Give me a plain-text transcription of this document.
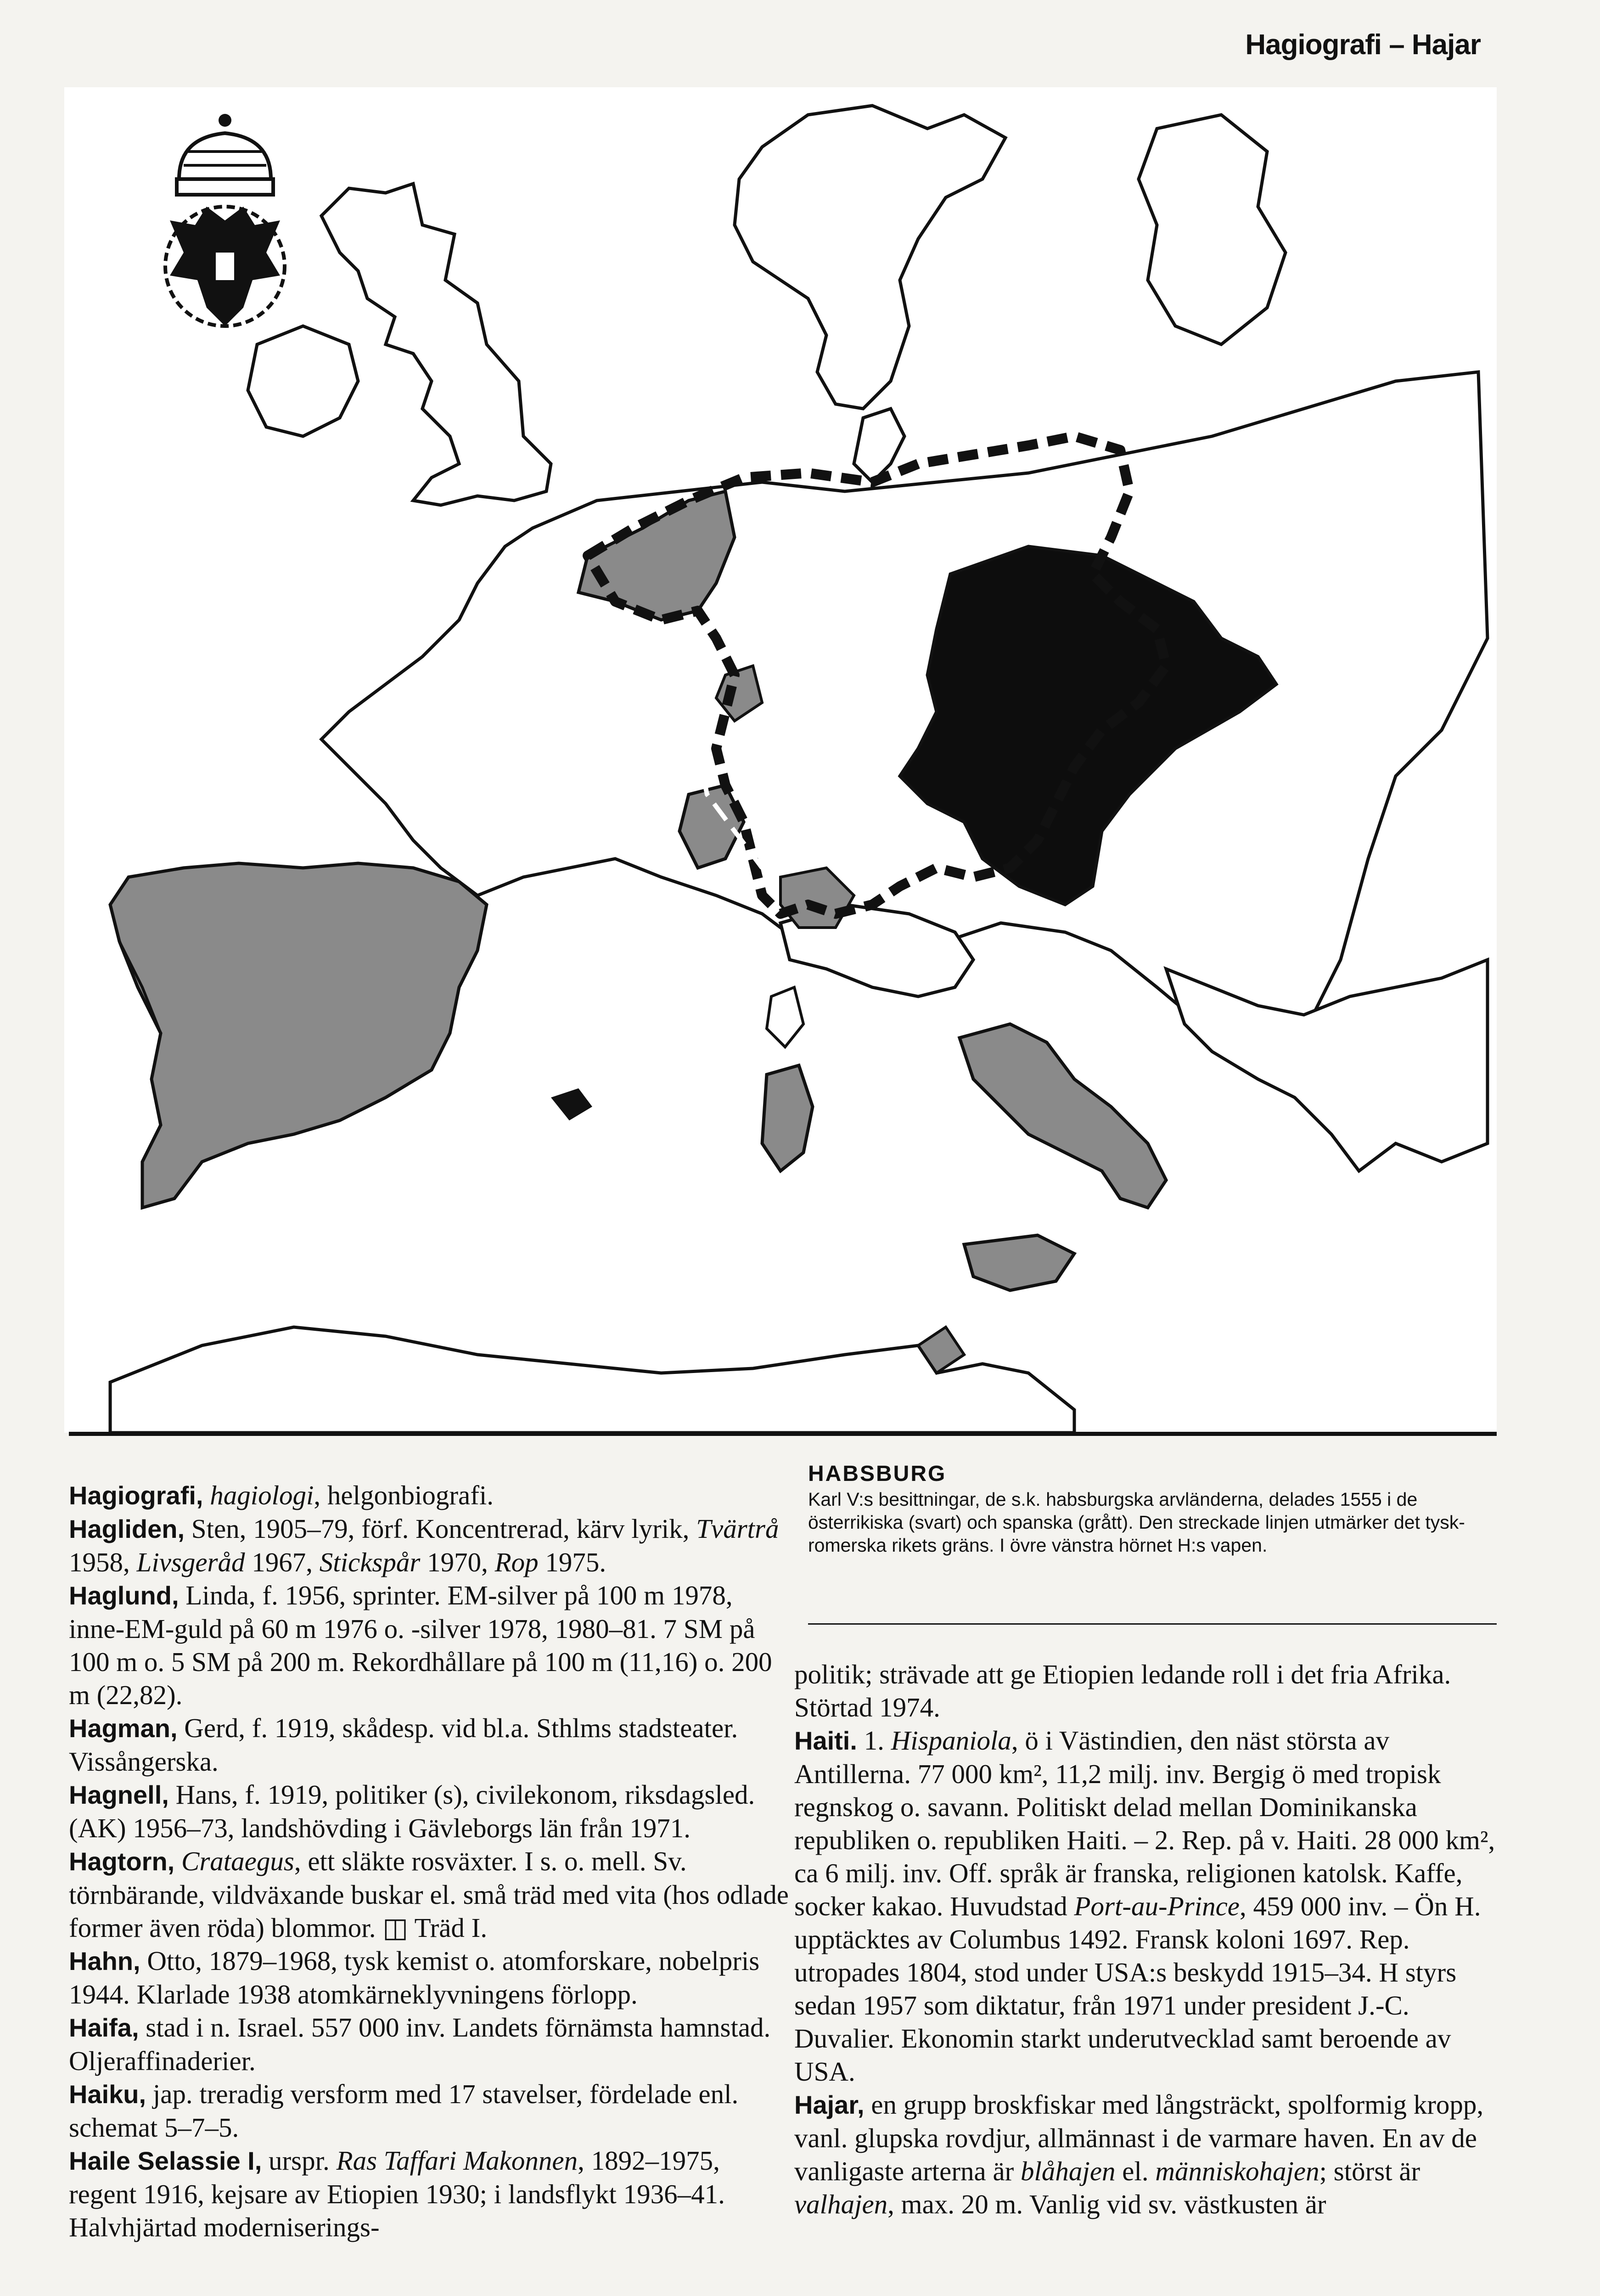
Hagiografi – Hajar
HABSBURG
Karl V:s besittningar, de s.k. habsburgska arvländerna, delades 1555 i de österrikiska (svart) och spanska (grått). Den streckade linjen utmärker det tysk-romerska rikets gräns. I övre vänstra hörnet H:s vapen.

Hagiografi, hagiologi, helgonbiografi.

Hagliden, Sten, 1905–79, förf. Koncentrerad, kärv lyrik, Tvärtrå 1958, Livsgeråd 1967, Stickspår 1970, Rop 1975.

Haglund, Linda, f. 1956, sprinter. EM-silver på 100 m 1978, inne-EM-guld på 60 m 1976 o. -silver 1978, 1980–81. 7 SM på 100 m o. 5 SM på 200 m. Rekordhållare på 100 m (11,16) o. 200 m (22,82).

Hagman, Gerd, f. 1919, skådesp. vid bl.a. Sthlms stadsteater. Vissångerska.

Hagnell, Hans, f. 1919, politiker (s), civilekonom, riksdagsled. (AK) 1956–73, landshövding i Gävleborgs län från 1971.

Hagtorn, Crataegus, ett släkte rosväxter. I s. o. mell. Sv. törnbärande, vildväxande buskar el. små träd med vita (hos odlade former även röda) blommor. ◫ Träd I.

Hahn, Otto, 1879–1968, tysk kemist o. atomforskare, nobelpris 1944. Klarlade 1938 atomkärneklyvningens förlopp.

Haifa, stad i n. Israel. 557 000 inv. Landets förnämsta hamnstad. Oljeraffinaderier.

Haiku, jap. treradig versform med 17 stavelser, fördelade enl. schemat 5–7–5.

Haile Selassie I, urspr. Ras Taffari Makonnen, 1892–1975, regent 1916, kejsare av Etiopien 1930; i landsflykt 1936–41. Halvhjärtad moderniserings-

politik; strävade att ge Etiopien ledande roll i det fria Afrika. Störtad 1974.

Haiti. 1. Hispaniola, ö i Västindien, den näst största av Antillerna. 77 000 km², 11,2 milj. inv. Bergig ö med tropisk regnskog o. savann. Politiskt delad mellan Dominikanska republiken o. republiken Haiti. – 2. Rep. på v. Haiti. 28 000 km², ca 6 milj. inv. Off. språk är franska, religionen katolsk. Kaffe, socker kakao. Huvudstad Port-au-Prince, 459 000 inv. – Ön H. upptäcktes av Columbus 1492. Fransk koloni 1697. Rep. utropades 1804, stod under USA:s beskydd 1915–34. H styrs sedan 1957 som diktatur, från 1971 under president J.-C. Duvalier. Ekonomin starkt underutvecklad samt beroende av USA.

Hajar, en grupp broskfiskar med långsträckt, spolformig kropp, vanl. glupska rovdjur, allmännast i de varmare haven. En av de vanligaste arterna är blåhajen el. människohajen; störst är valhajen, max. 20 m. Vanlig vid sv. västkusten är
